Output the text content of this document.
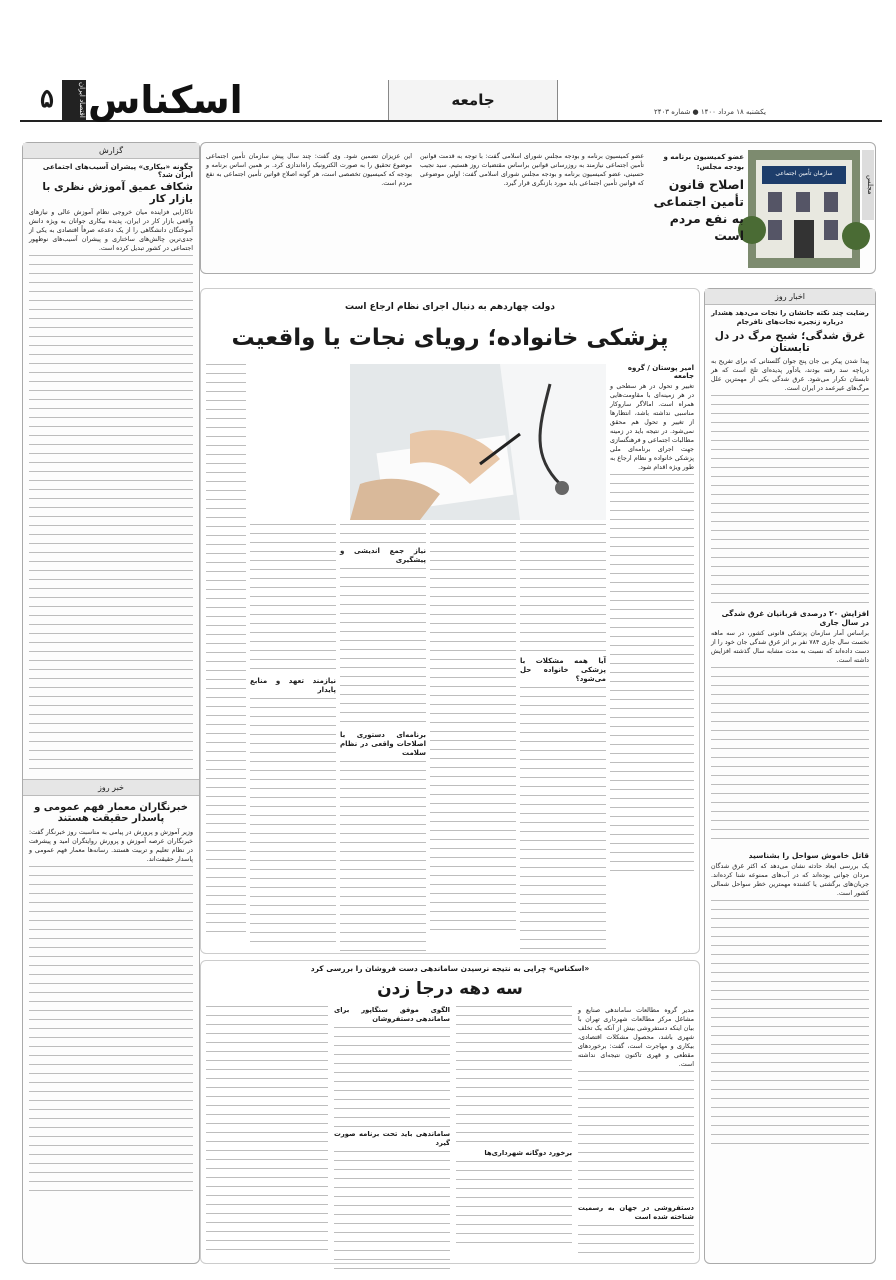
اسکناس
اقتصاد ایران
۵	جامعه
یکشنبه ۱۸ مرداد ۱۴۰۰ ● شماره ۲۴۰۳
گزارش
چگونه «بیکاری» پیشران آسیب‌های اجتماعی ایران شد؟
شکاف عمیق آموزش نظری با بازار کار
ناکارایی فزاینده میان خروجی نظام آموزش عالی و نیازهای واقعی بازار کار در ایران، پدیده بیکاری جوانان به ویژه دانش آموختگان دانشگاهی را از یک دغدغه صرفاً اقتصادی به یکی از جدی‌ترین چالش‌های ساختاری و پیشران آسیب‌های نوظهور اجتماعی در کشور تبدیل کرده است.
خبر روز
خبرنگاران معمار فهم عمومی و پاسدار حقیقت هستند
وزیر آموزش و پرورش در پیامی به مناسبت روز خبرنگار گفت: خبرنگاران عرصه آموزش و پرورش روایتگران امید و پیشرفت در نظام تعلیم و تربیت هستند. رسانه‌ها معمار فهم عمومی و پاسدار حقیقت‌اند.
مجلس
سازمان تأمین اجتماعی
عضو کمیسیون برنامه و بودجه مجلس:
اصلاح قانون تأمین اجتماعی به نفع مردم است
عضو کمیسیون برنامه و بودجه مجلس شورای اسلامی گفت: با توجه به قدمت قوانین تأمین اجتماعی نیازمند به روزرسانی قوانین براساس مقتضیات روز هستیم. سید نجیب حسینی، عضو کمیسیون برنامه و بودجه مجلس شورای اسلامی گفت: اولین موضوعی که قوانین تأمین اجتماعی باید مورد بازنگری قرار گیرد.
این عزیزان تضمین شود. وی گفت: چند سال پیش سازمان تأمین اجتماعی موضوع تحقیق را به صورت الکترونیک راه‌اندازی کرد. بر همین اساس برنامه و بودجه که کمیسیون تخصصی است، هر گونه اصلاح قوانین تأمین اجتماعی به نفع مردم است.
اخبار روز
رضایت چند نکته جانشان را نجات می‌دهد هشدار درباره زنجیره نجات‌های نافرجام
غرق شدگی؛ شبح مرگ در دل تابستان
پیدا شدن پیکر بی جان پنج جوان گلستانی که برای تفریح به دریاچه سد رفته بودند، یادآور پدیده‌ای تلخ است که هر تابستان تکرار می‌شود. غرق شدگی یکی از مهمترین علل مرگ‌های غیرعمد در ایران است.
افزایش ۲۰ درصدی قربانیان غرق شدگی در سال جاری
براساس آمار سازمان پزشکی قانونی کشور، در سه ماهه نخست سال جاری ۷۸۴ نفر بر اثر غرق شدگی جان خود را از دست داده‌اند که نسبت به مدت مشابه سال گذشته افزایش داشته است.
قاتل خاموش سواحل را بشناسید
یک بررسی ابعاد حادثه نشان می‌دهد که اکثر غرق شدگان مردان جوانی بوده‌اند که در آب‌های ممنوعه شنا کرده‌اند. جریان‌های برگشتی یا کشنده مهمترین خطر سواحل شمالی کشور است.
دولت چهاردهم به دنبال اجرای نظام ارجاع است
پزشکی خانواده؛ رویای نجات یا واقعیت
امیر پوستان / گروه جامعه
تغییر و تحول در هر سطحی و در هر زمینه‌ای با مقاومت‌هایی همراه است. امالاگر ساروکار مناسبی نداشته باشد، انتظارها از تغییر و تحول هم محقق نمی‌شود. در نتیجه باید در زمینه مطالبات اجتماعی و فرهنگسازی جهت اجرای برنامه‌ای ملی پزشکی خانواده و نظام ارجاع به طور ویژه اقدام شود.
آیا همه مشکلات با پزشکی خانواده حل می‌شود؟
نیاز جمع اندیشی و پیشگیری
برنامه‌ای دستوری با اصلاحات واقعی در نظام سلامت
نیازمند تعهد و منابع پایدار
«اسکناس» چرایی به نتیجه نرسیدن ساماندهی دست فروشان را بررسی کرد
سه دهه درجا زدن
مدیر گروه مطالعات ساماندهی صنایع و مشاغل مرکز مطالعات شهرداری تهران با بیان اینکه دستفروشی بیش از آنکه یک تخلف شهری باشد، محصول مشکلات اقتصادی، بیکاری و مهاجرت است، گفت: برخوردهای مقطعی و قهری تاکنون نتیجه‌ای نداشته است.
دستفروشی در جهان به رسمیت شناخته شده است
برخورد دوگانه شهرداری‌ها
الگوی موفق سنگاپور برای ساماندهی دستفروشان
ساماندهی باید تحت برنامه صورت گیرد
